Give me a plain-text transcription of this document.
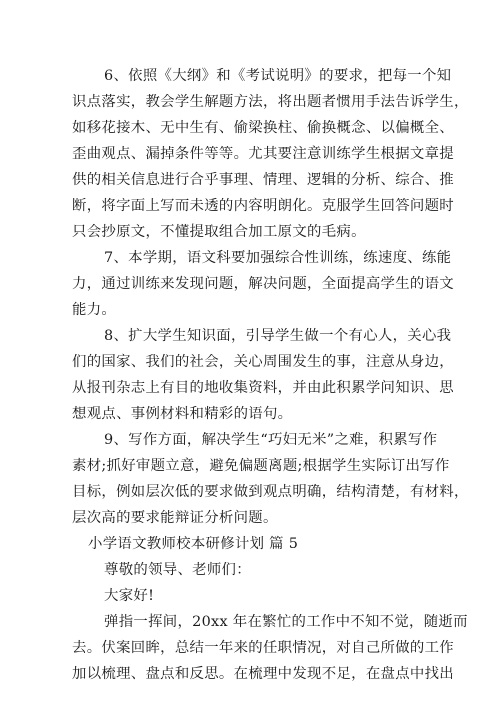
6、依照《大纲》和《考试说明》的要求，把每一个知
识点落实，教会学生解题方法，将出题者惯用手法告诉学生，
如移花接木、无中生有、偷梁换柱、偷换概念、以偏概全、
歪曲观点、漏掉条件等等。尤其要注意训练学生根据文章提
供的相关信息进行合乎事理、情理、逻辑的分析、综合、推
断，将字面上写而未透的内容明朗化。克服学生回答问题时
只会抄原文，不懂提取组合加工原文的毛病。
7、本学期，语文科要加强综合性训练，练速度、练能
力，通过训练来发现问题，解决问题，全面提高学生的语文
能力。
8、扩大学生知识面，引导学生做一个有心人，关心我
们的国家、我们的社会，关心周围发生的事，注意从身边，
从报刊杂志上有目的地收集资料，并由此积累学问知识、思
想观点、事例材料和精彩的语句。
9、写作方面，解决学生“巧妇无米”之难，积累写作
素材;抓好审题立意，避免偏题离题;根据学生实际订出写作
目标，例如层次低的要求做到观点明确，结构清楚，有材料，
层次高的要求能辩证分析问题。
小学语文教师校本研修计划 篇 5
尊敬的领导、老师们：
大家好!
弹指一挥间，20xx 年在繁忙的工作中不知不觉，随逝而
去。伏案回眸，总结一年来的任职情况，对自己所做的工作
加以梳理、盘点和反思。在梳理中发现不足，在盘点中找出
